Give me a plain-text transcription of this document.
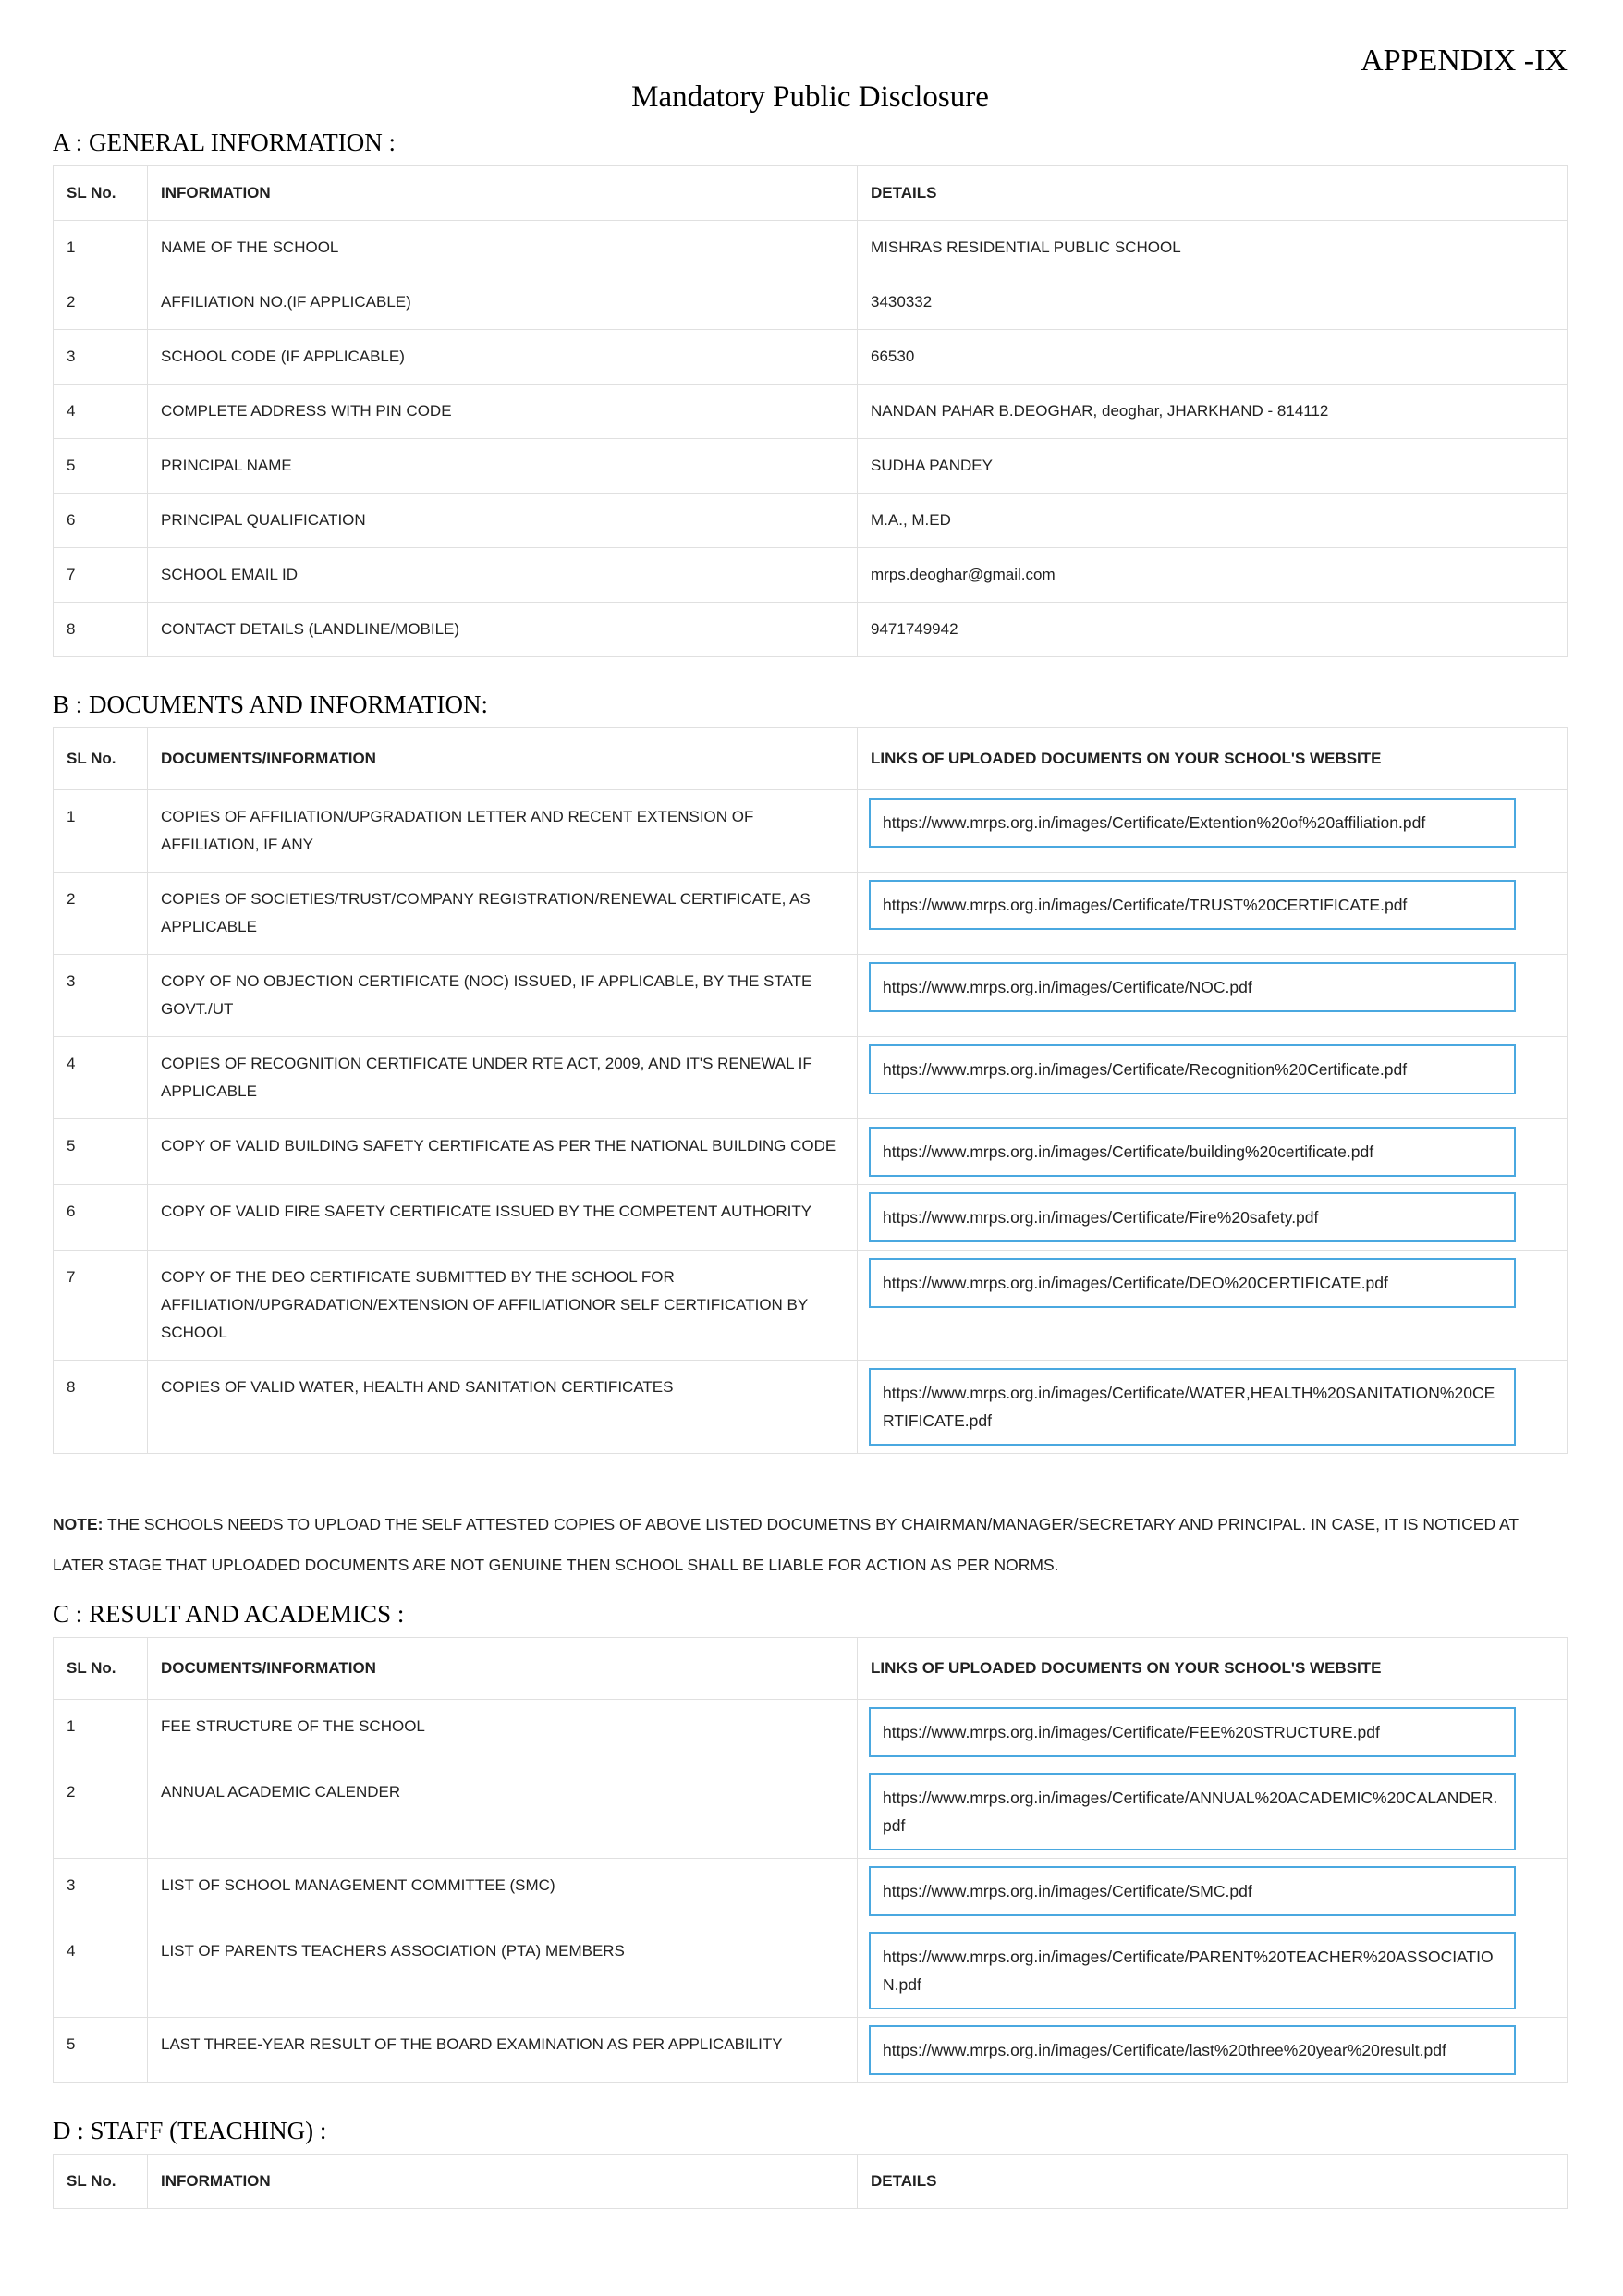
APPENDIX -IX
Mandatory Public Disclosure
A : GENERAL INFORMATION :
SL No.	INFORMATION	DETAILS
1	NAME OF THE SCHOOL	MISHRAS RESIDENTIAL PUBLIC SCHOOL
2	AFFILIATION NO.(IF APPLICABLE)	3430332
3	SCHOOL CODE (IF APPLICABLE)	66530
4	COMPLETE ADDRESS WITH PIN CODE	NANDAN PAHAR B.DEOGHAR, deoghar, JHARKHAND - 814112
5	PRINCIPAL NAME	SUDHA PANDEY
6	PRINCIPAL QUALIFICATION	M.A., M.ED
7	SCHOOL EMAIL ID	mrps.deoghar@gmail.com
8	CONTACT DETAILS (LANDLINE/MOBILE)	9471749942
B : DOCUMENTS AND INFORMATION:
SL No.	DOCUMENTS/INFORMATION	LINKS OF UPLOADED DOCUMENTS ON YOUR SCHOOL'S WEBSITE
1	COPIES OF AFFILIATION/UPGRADATION LETTER AND RECENT EXTENSION OF AFFILIATION, IF ANY	https://www.mrps.org.in/images/Certificate/Extention%20of%20affiliation.pdf

2	COPIES OF SOCIETIES/TRUST/COMPANY REGISTRATION/RENEWAL CERTIFICATE, AS APPLICABLE	https://www.mrps.org.in/images/Certificate/TRUST%20CERTIFICATE.pdf

3	COPY OF NO OBJECTION CERTIFICATE (NOC) ISSUED, IF APPLICABLE, BY THE STATE GOVT./UT	https://www.mrps.org.in/images/Certificate/NOC.pdf

4	COPIES OF RECOGNITION CERTIFICATE UNDER RTE ACT, 2009, AND IT'S RENEWAL IF APPLICABLE	https://www.mrps.org.in/images/Certificate/Recognition%20Certificate.pdf

5	COPY OF VALID BUILDING SAFETY CERTIFICATE AS PER THE NATIONAL BUILDING CODE	https://www.mrps.org.in/images/Certificate/building%20certificate.pdf

6	COPY OF VALID FIRE SAFETY CERTIFICATE ISSUED BY THE COMPETENT AUTHORITY	https://www.mrps.org.in/images/Certificate/Fire%20safety.pdf

7	COPY OF THE DEO CERTIFICATE SUBMITTED BY THE SCHOOL FOR AFFILIATION/UPGRADATION/EXTENSION OF AFFILIATIONOR SELF CERTIFICATION BY SCHOOL	https://www.mrps.org.in/images/Certificate/DEO%20CERTIFICATE.pdf

8	COPIES OF VALID WATER, HEALTH AND SANITATION CERTIFICATES	https://www.mrps.org.in/images/Certificate/WATER,HEALTH%20SANITATION%20CERTIFICATE.pdf

NOTE: THE SCHOOLS NEEDS TO UPLOAD THE SELF ATTESTED COPIES OF ABOVE LISTED DOCUMETNS BY CHAIRMAN/MANAGER/SECRETARY AND PRINCIPAL. IN CASE, IT IS NOTICED AT LATER STAGE THAT UPLOADED DOCUMENTS ARE NOT GENUINE THEN SCHOOL SHALL BE LIABLE FOR ACTION AS PER NORMS.

C : RESULT AND ACADEMICS :
SL No.	DOCUMENTS/INFORMATION	LINKS OF UPLOADED DOCUMENTS ON YOUR SCHOOL'S WEBSITE
1	FEE STRUCTURE OF THE SCHOOL	https://www.mrps.org.in/images/Certificate/FEE%20STRUCTURE.pdf

2	ANNUAL ACADEMIC CALENDER	https://www.mrps.org.in/images/Certificate/ANNUAL%20ACADEMIC%20CALANDER.pdf

3	LIST OF SCHOOL MANAGEMENT COMMITTEE (SMC)	https://www.mrps.org.in/images/Certificate/SMC.pdf

4	LIST OF PARENTS TEACHERS ASSOCIATION (PTA) MEMBERS	https://www.mrps.org.in/images/Certificate/PARENT%20TEACHER%20ASSOCIATION.pdf

5	LAST THREE-YEAR RESULT OF THE BOARD EXAMINATION AS PER APPLICABILITY	https://www.mrps.org.in/images/Certificate/last%20three%20year%20result.pdf
D : STAFF (TEACHING) :
SL No.	INFORMATION	DETAILS
